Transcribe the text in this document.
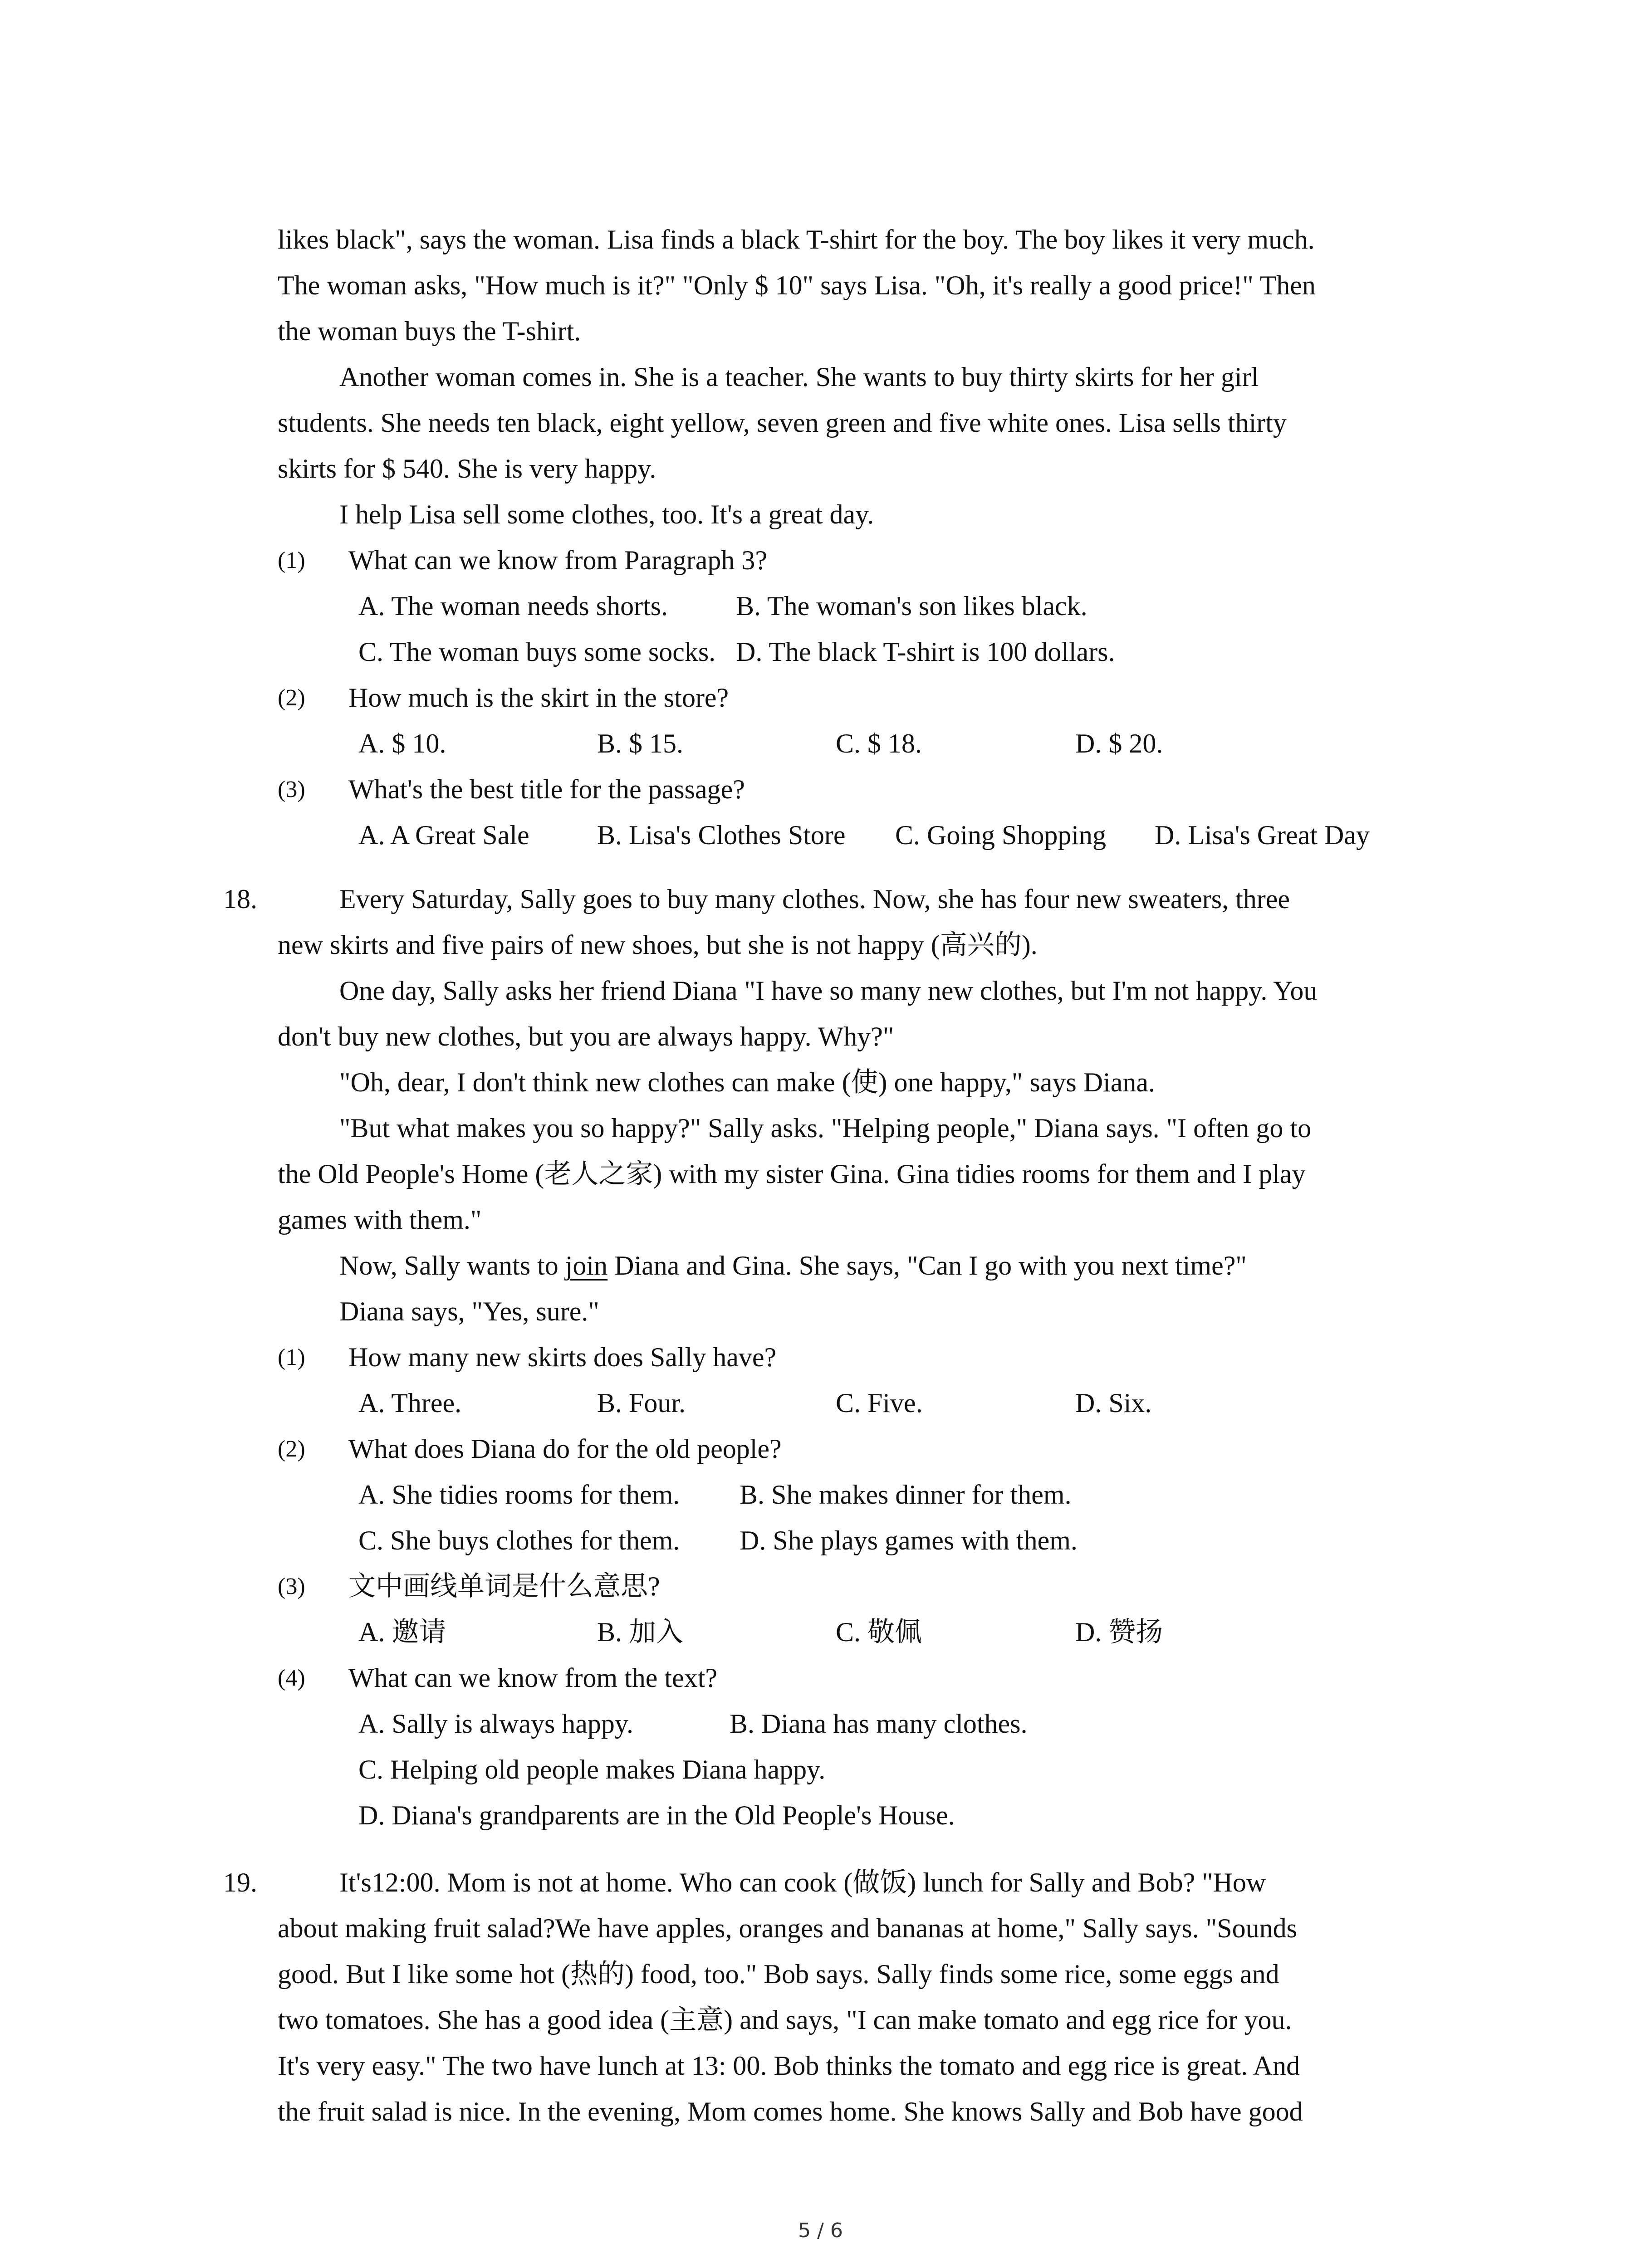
likes black", says the woman. Lisa finds a black T-shirt for the boy. The boy likes it very much.
The woman asks, "How much is it?" "Only $ 10" says Lisa. "Oh, it's really a good price!" Then
the woman buys the T-shirt.
Another woman comes in. She is a teacher. She wants to buy thirty skirts for her girl
students. She needs ten black, eight yellow, seven green and five white ones. Lisa sells thirty
skirts for $ 540. She is very happy.
I help Lisa sell some clothes, too. It's a great day.
(1) What can we know from Paragraph 3?
A. The woman needs shorts. B. The woman's son likes black.
C. The woman buys some socks. D. The black T-shirt is 100 dollars.
(2) How much is the skirt in the store?
A. $ 10.	B. $ 15.	C. $ 18.	D. $ 20.
(3) What's the best title for the passage?
A. A Great Sale B. Lisa's Clothes Store C. Going Shopping D. Lisa's Great Day
18.	Every Saturday, Sally goes to buy many clothes. Now, she has four new sweaters, three
new skirts and five pairs of new shoes, but she is not happy (高兴的).
One day, Sally asks her friend Diana "I have so many new clothes, but I'm not happy. You
don't buy new clothes, but you are always happy. Why?"
"Oh, dear, I don't think new clothes can make (使) one happy," says Diana.
"But what makes you so happy?" Sally asks. "Helping people," Diana says. "I often go to
the Old People's Home (老人之家) with my sister Gina. Gina tidies rooms for them and I play
games with them."
Now, Sally wants to join Diana and Gina. She says, "Can I go with you next time?"
Diana says, "Yes, sure."
(1) How many new skirts does Sally have?
A. Three.	B. Four.	C. Five.	D. Six.
(2) What does Diana do for the old people?
A. She tidies rooms for them. B. She makes dinner for them.
C. She buys clothes for them. D. She plays games with them.
(3) 文中画线单词是什么意思?
A. 邀请	B. 加入	C. 敬佩	D. 赞扬
(4) What can we know from the text?
A. Sally is always happy.	B. Diana has many clothes.
C. Helping old people makes Diana happy.
D. Diana's grandparents are in the Old People's House.
19.	It's12:00. Mom is not at home. Who can cook (做饭) lunch for Sally and Bob? "How
about making fruit salad?We have apples, oranges and bananas at home," Sally says. "Sounds
good. But I like some hot (热的) food, too." Bob says. Sally finds some rice, some eggs and
two tomatoes. She has a good idea (主意) and says, "I can make tomato and egg rice for you.
It's very easy." The two have lunch at 13: 00. Bob thinks the tomato and egg rice is great. And
the fruit salad is nice. In the evening, Mom comes home. She knows Sally and Bob have good
5 / 6
